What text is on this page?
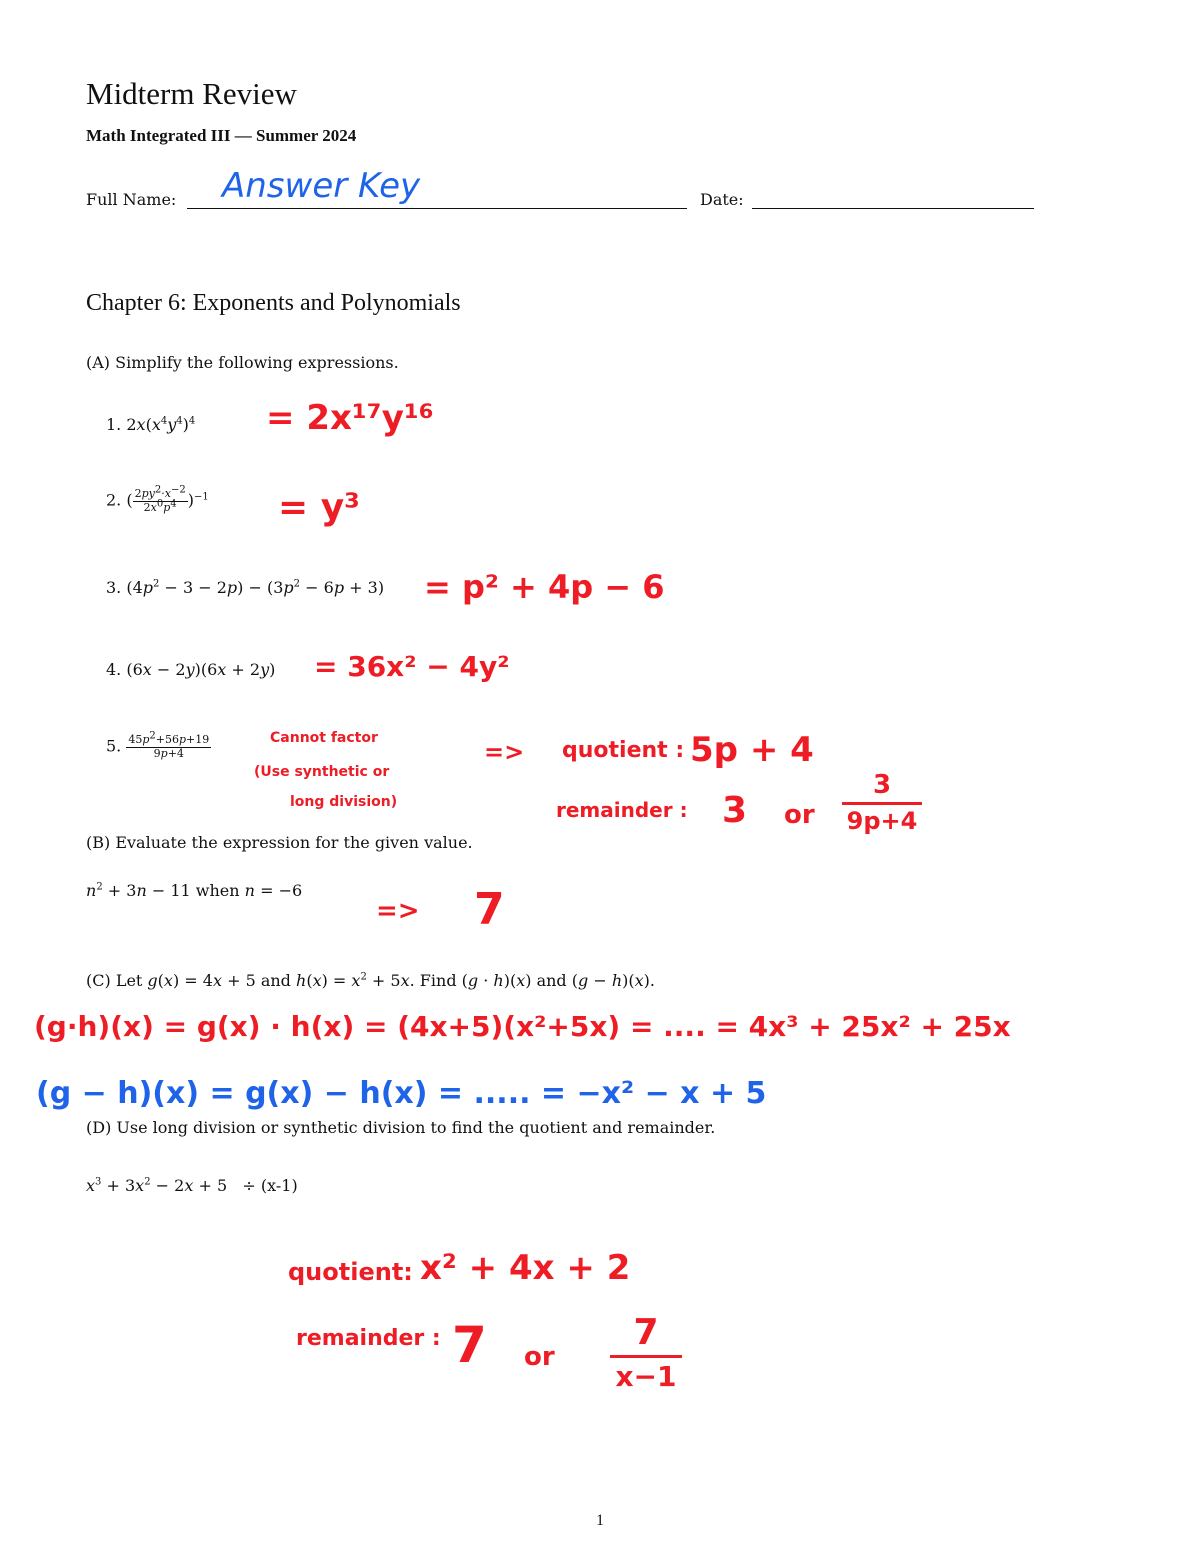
Midterm Review
Math Integrated III — Summer 2024
Full Name: Answer Key	Date:
Chapter 6: Exponents and Polynomials
(A) Simplify the following expressions.
1. $2x(x^4y^4)^4 = 2x^{17}y^{16}$
2. ( $\frac{2py^2\cdot x^{-2}}{2x^0p^4} )^{-1} = y^3$
3. $(4p^2 - 3 - 2p) - (3p^2 - 6p + 3) = p^2 + 4p - 6$
4. (6x − 2y)(6x + 2y) = 36x² − 4y²
5. $\frac{45p^2+56p+19}{9p+4}$	Cannot factor
(Use synthetic or
long division)
=> quotient : 5p + 4
remainder : 3 or
3
9p+4
(B) Evaluate the expression for the given value.
$n^2 + 3n - 11$ when n = −6
=> 7
(C) Let g(x) = 4x + 5 and $h(x) = x^2 + 5x$. Find (g · h)(x) and (g − h)(x).
(g·h)(x) = g(x) · h(x) = (4x+5)(x²+5x) = .... = 4x³ + 25x² + 25x
(g − h)(x) = g(x) − h(x) = ..... = −x² − x + 5
(D) Use long division or synthetic division to find the quotient and remainder.
$x^3 + 3x^2 - 2x + 5 \div (x-1)$
quotient: x² + 4x + 2
remainder : 7 or
7
x−1
1
